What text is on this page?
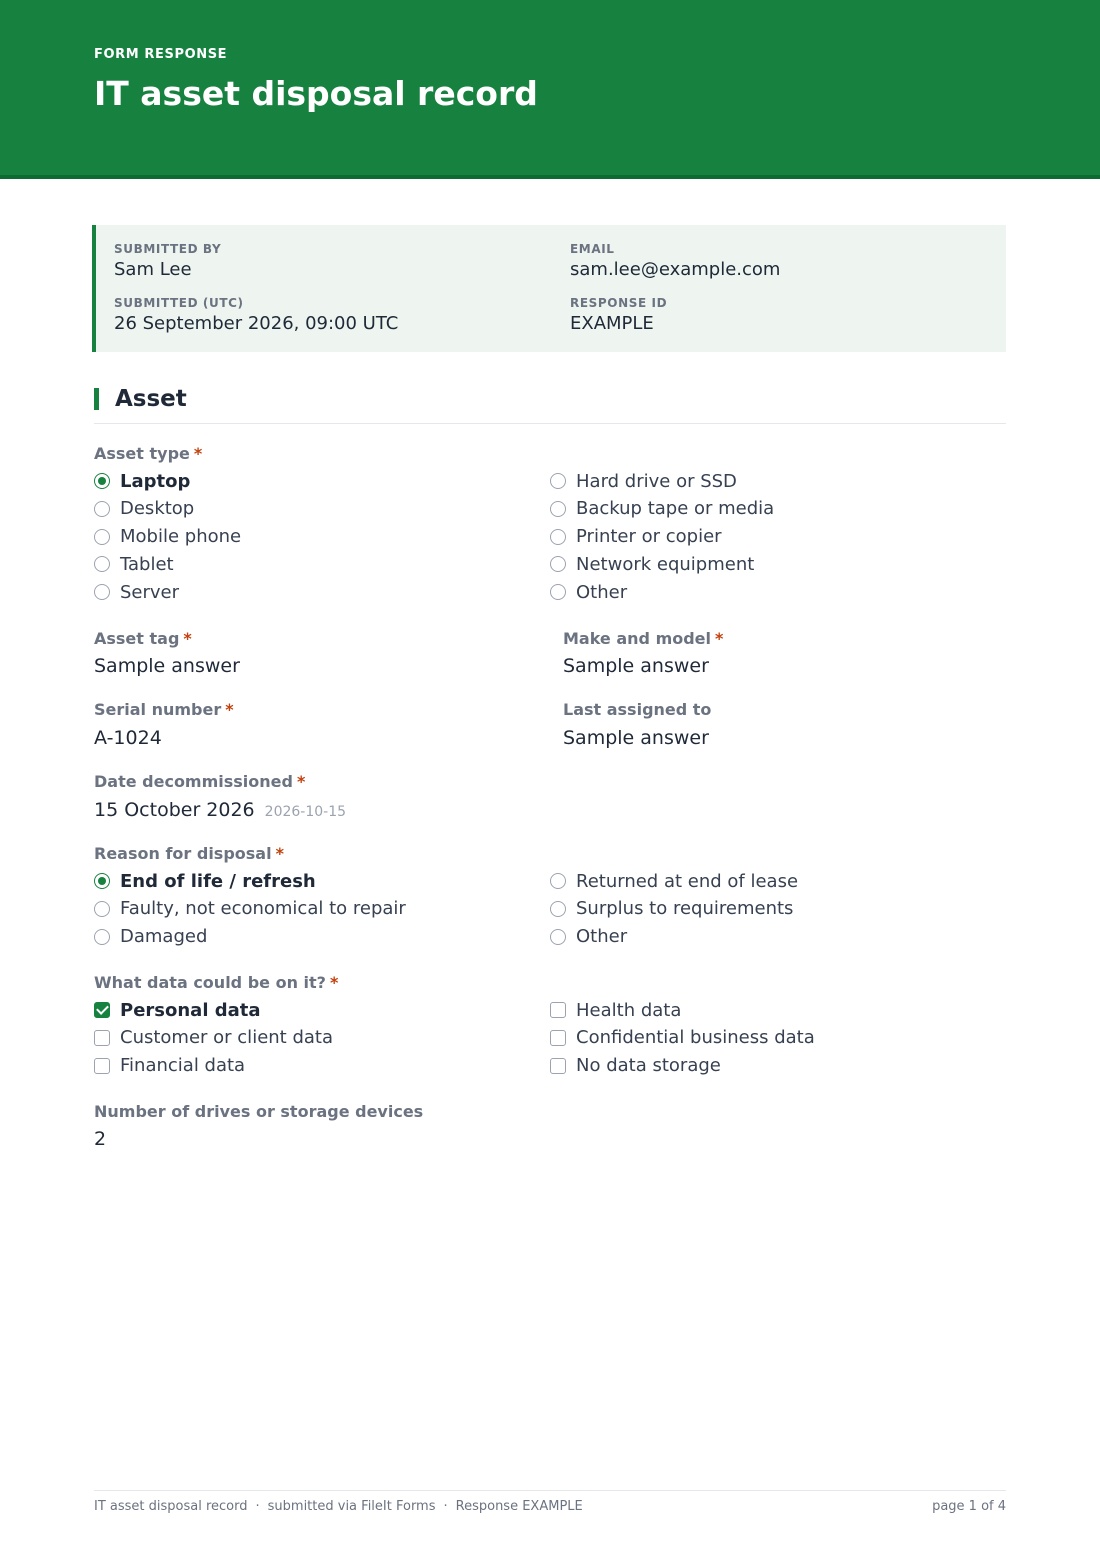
FORM RESPONSE
IT asset disposal record
SUBMITTED BY
Sam Lee
EMAIL
sam.lee@example.com
SUBMITTED (UTC)
26 September 2026, 09:00 UTC
RESPONSE ID
EXAMPLE
Asset
Asset type *
Laptop
Desktop
Mobile phone
Tablet
Server
Hard drive or SSD
Backup tape or media
Printer or copier
Network equipment
Other
Asset tag *
Sample answer
Make and model *
Sample answer
Serial number *
A-1024
Last assigned to
Sample answer
Date decommissioned *
15 October 2026 2026-10-15
Reason for disposal *
End of life / refresh
Faulty, not economical to repair
Damaged
Returned at end of lease
Surplus to requirements
Other
What data could be on it? *
Personal data
Customer or client data
Financial data
Health data
Confidential business data
No data storage
Number of drives or storage devices
2
IT asset disposal record · submitted via FileIt Forms · Response EXAMPLE	page 1 of 4
